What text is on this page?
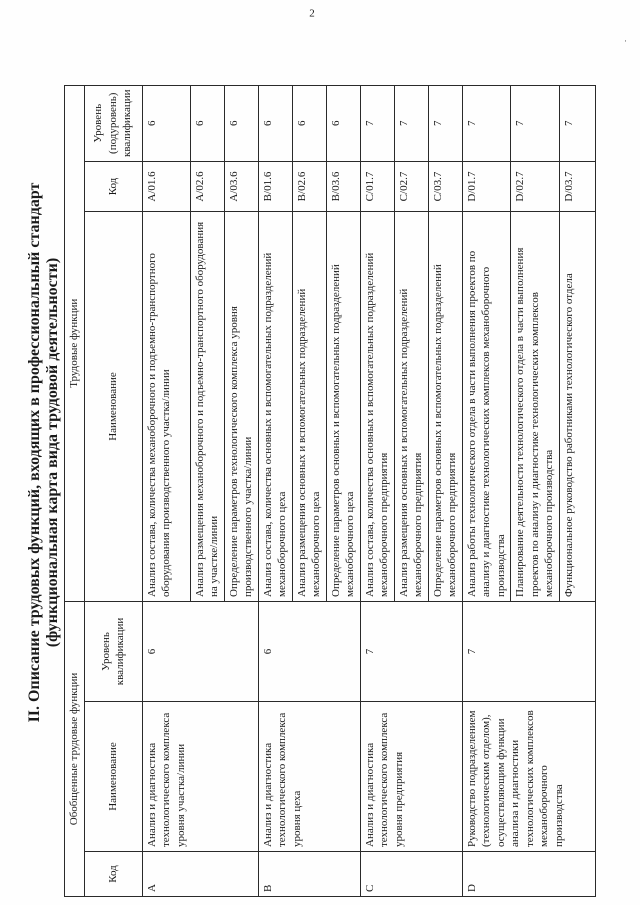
2
II. Описание трудовых функций, входящих в профессиональный стандарт (функциональная карта вида трудовой деятельности)
Обобщенные трудовые функции			Трудовые функции		
Код	Наименование	Уровень квалификации	Наименование	Код	Уровень (подуровень) квалификации
A	Анализ и диагностика технологического комплекса уровня участка/линии	6	Анализ состава, количества механоборочного и подъемно-транспортного оборудования производственного участка/линии	A/01.6	6
			Анализ размещения механоборочного и подъемно-транспортного оборудования на участке/линии	A/02.6	6
			Определение параметров технологического комплекса уровня производственного участка/линии	A/03.6	6
B	Анализ и диагностика технологического комплекса уровня цеха	6	Анализ состава, количества основных и вспомогательных подразделений механоборочного цеха	B/01.6	6
			Анализ размещения основных и вспомогательных подразделений механоборочного цеха	B/02.6	6
			Определение параметров основных и вспомогательных подразделений механоборочного цеха	B/03.6	6
C	Анализ и диагностика технологического комплекса уровня предприятия	7	Анализ состава, количества основных и вспомогательных подразделений механоборочного предприятия	C/01.7	7
			Анализ размещения основных и вспомогательных подразделений механоборочного предприятия	C/02.7	7
			Определение параметров основных и вспомогательных подразделений механоборочного предприятия	C/03.7	7
D	Руководство подразделением (технологическим отделом), осуществляющим функции анализа и диагностики технологических комплексов механоборочного производства	7	Анализ работы технологического отдела в части выполнения проектов по анализу и диагностике технологических комплексов механоборочного производства	D/01.7	7
			Планирование деятельности технологического отдела в части выполнения проектов по анализу и диагностике технологических комплексов механоборочного производства	D/02.7	7
			Функциональное руководство работниками технологического отдела	D/03.7	7
·
